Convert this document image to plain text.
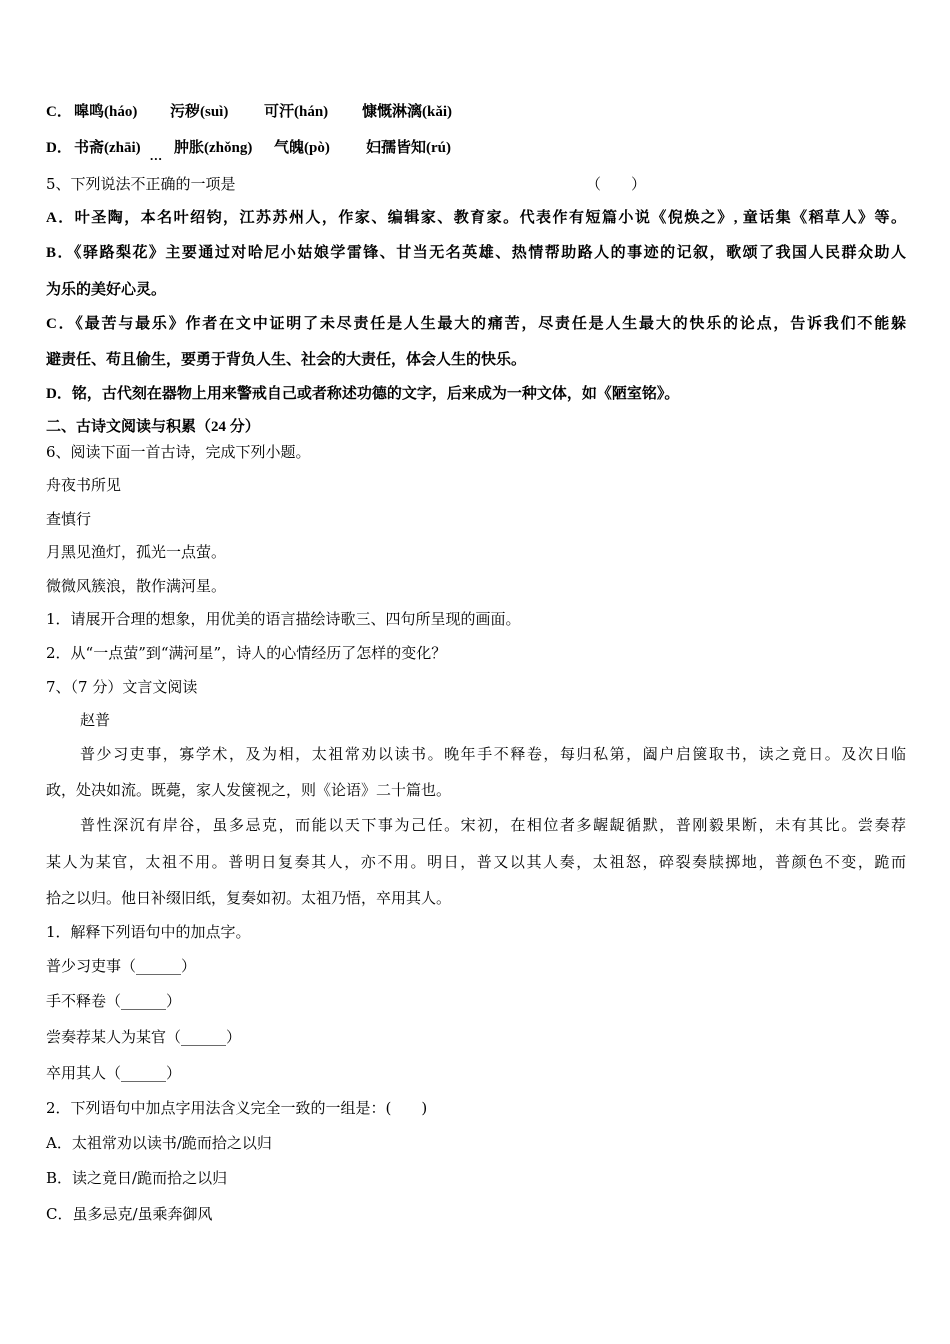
C． 嗥鸣(háo) 污秽(suì) 可汗(hán) 慷慨淋漓(kǎi)
D． 书斋(zhāi) ... 肿胀(zhǒng) 气魄(pò) 妇孺皆知(rú)
5、下列说法不正确的一项是	（　　）
A．叶圣陶，本名叶绍钧，江苏苏州人，作家、编辑家、教育家。代表作有短篇小说《倪焕之》, 童话集《稻草人》等。
B．《驿路梨花》主要通过对哈尼小姑娘学雷锋、甘当无名英雄、热情帮助路人的事迹的记叙，歌颂了我国人民群众助人
为乐的美好心灵。
C．《最苦与最乐》作者在文中证明了未尽责任是人生最大的痛苦，尽责任是人生最大的快乐的论点，告诉我们不能躲
避责任、苟且偷生，要勇于背负人生、社会的大责任，体会人生的快乐。
D．铭，古代刻在器物上用来警戒自己或者称述功德的文字，后来成为一种文体，如《陋室铭》。
二、古诗文阅读与积累（24 分）
6、阅读下面一首古诗，完成下列小题。
舟夜书所见
查慎行
月黑见渔灯，孤光一点萤。
微微风簇浪，散作满河星。
1．请展开合理的想象，用优美的语言描绘诗歌三、四句所呈现的画面。
2．从“一点萤”到“满河星”，诗人的心情经历了怎样的变化？
7、（7 分）文言文阅读
赵普
普少习吏事，寡学术，及为相，太祖常劝以读书。晚年手不释卷，每归私第，阖户启箧取书，读之竟日。及次日临
政，处决如流。既薨，家人发箧视之，则《论语》二十篇也。
普性深沉有岸谷，虽多忌克，而能以天下事为己任。宋初，在相位者多龌龊循默，普刚毅果断，未有其比。尝奏荐
某人为某官，太祖不用。普明日复奏其人，亦不用。明日，普又以其人奏，太祖怒，碎裂奏牍掷地，普颜色不变，跪而
拾之以归。他日补缀旧纸，复奏如初。太祖乃悟，卒用其人。
1．解释下列语句中的加点字。
普少习吏事（______）
手不释卷（______）
尝奏荐某人为某官（______）
卒用其人（______）
2．下列语句中加点字用法含义完全一致的一组是：(　　)
A．太祖常劝以读书/跪而拾之以归
B．读之竟日/跪而拾之以归
C．虽多忌克/虽乘奔御风
